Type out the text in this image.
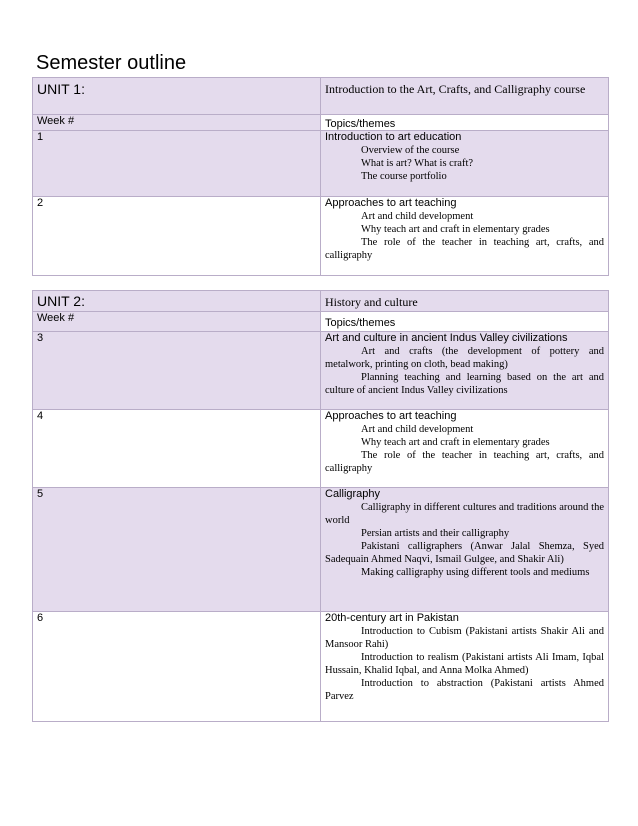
Semester outline
UNIT 1:	Introduction to the Art, Crafts, and Calligraphy course

Week #	Topics/themes

1	Introduction to art education

Overview of the course

What is art? What is craft?

The course portfolio

2	Approaches to art teaching

Art and child development

Why teach art and craft in elementary grades

The role of the teacher in teaching art, crafts, and calligraphy

UNIT 2:	History and culture

Week #	Topics/themes

3	Art and culture in ancient Indus Valley civilizations

Art and crafts (the development of pottery and metalwork, printing on cloth, bead making)

Planning teaching and learning based on the art and culture of ancient Indus Valley civilizations

4	Approaches to art teaching

Art and child development

Why teach art and craft in elementary grades

The role of the teacher in teaching art, crafts, and calligraphy

5	Calligraphy

Calligraphy in different cultures and traditions around the world

Persian artists and their calligraphy

Pakistani calligraphers (Anwar Jalal Shemza, Syed Sadequain Ahmed Naqvi, Ismail Gulgee, and Shakir Ali)

Making calligraphy using different tools and mediums

6	20th-century art in Pakistan

Introduction to Cubism (Pakistani artists Shakir Ali and Mansoor Rahi)

Introduction to realism (Pakistani artists Ali Imam, Iqbal Hussain, Khalid Iqbal, and Anna Molka Ahmed)

Introduction to abstraction (Pakistani artists Ahmed Parvez
